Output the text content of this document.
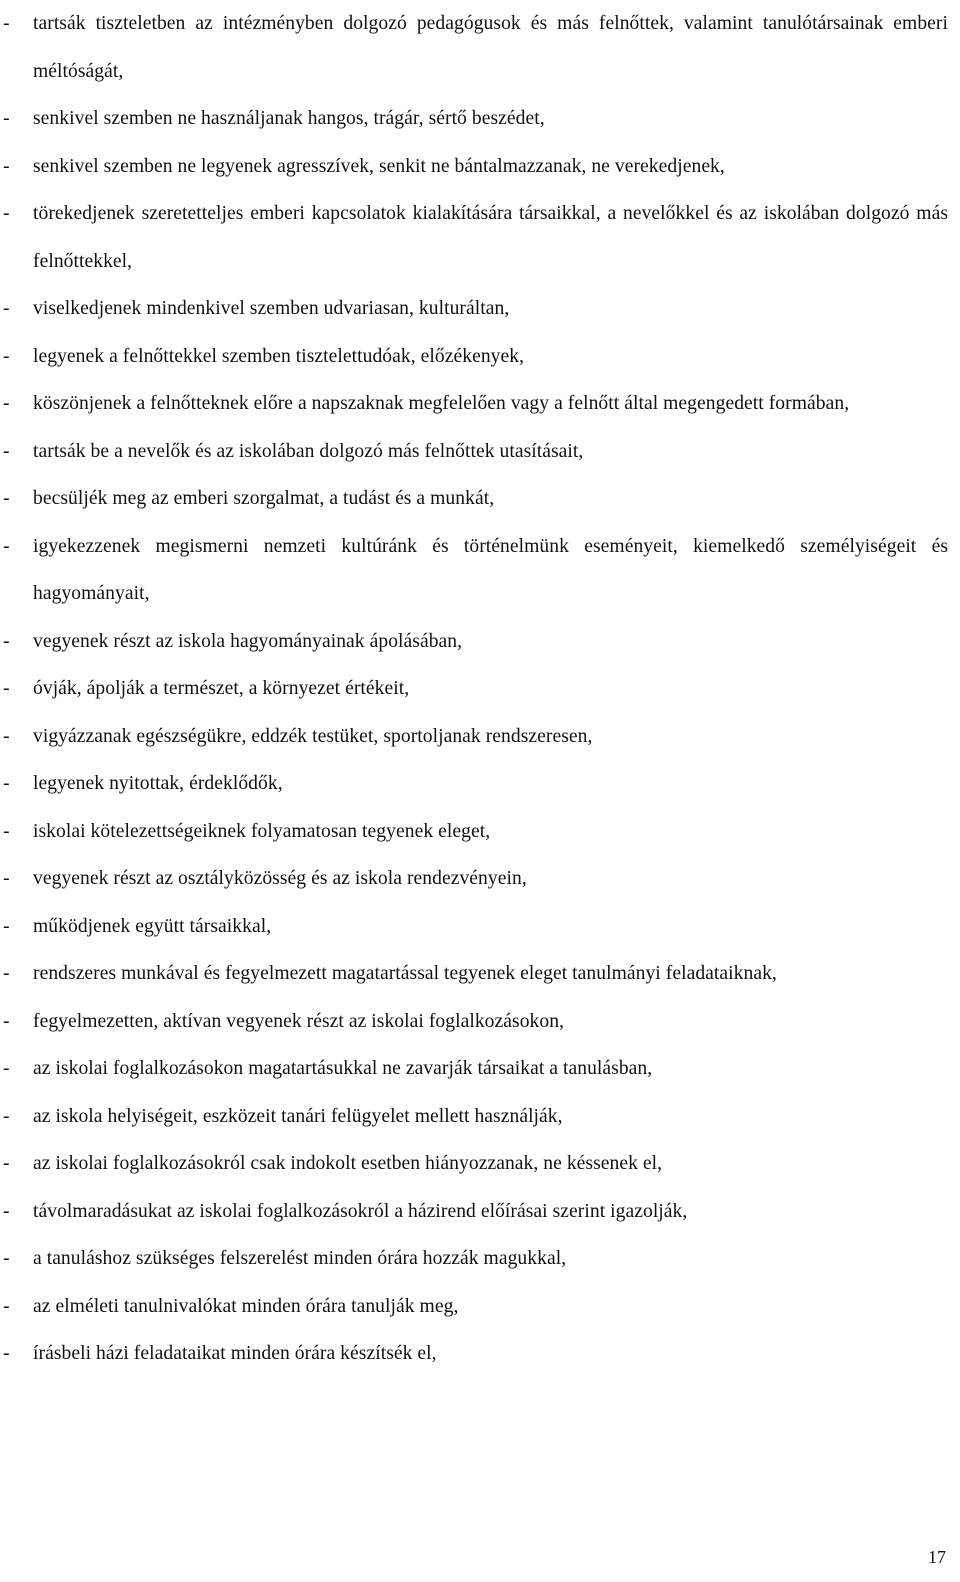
- tartsák tiszteletben az intézményben dolgozó pedagógusok és más felnőttek, valamint tanulótársainak emberi méltóságát,
- senkivel szemben ne használjanak hangos, trágár, sértő beszédet,
- senkivel szemben ne legyenek agresszívek, senkit ne bántalmazzanak, ne verekedjenek,
- törekedjenek szeretetteljes emberi kapcsolatok kialakítására társaikkal, a nevelőkkel és az iskolában dolgozó más felnőttekkel,
- viselkedjenek mindenkivel szemben udvariasan, kulturáltan,
- legyenek a felnőttekkel szemben tisztelettudóak, előzékenyek,
- köszönjenek a felnőtteknek előre a napszaknak megfelelően vagy a felnőtt által megengedett formában,
- tartsák be a nevelők és az iskolában dolgozó más felnőttek utasításait,
- becsüljék meg az emberi szorgalmat, a tudást és a munkát,
- igyekezzenek megismerni nemzeti kultúránk és történelmünk eseményeit, kiemelkedő személyiségeit és hagyományait,
- vegyenek részt az iskola hagyományainak ápolásában,
- óvják, ápolják a természet, a környezet értékeit,
- vigyázzanak egészségükre, eddzék testüket, sportoljanak rendszeresen,
- legyenek nyitottak, érdeklődők,
- iskolai kötelezettségeiknek folyamatosan tegyenek eleget,
- vegyenek részt az osztályközösség és az iskola rendezvényein,
- működjenek együtt társaikkal,
- rendszeres munkával és fegyelmezett magatartással tegyenek eleget tanulmányi feladataiknak,
- fegyelmezetten, aktívan vegyenek részt az iskolai foglalkozásokon,
- az iskolai foglalkozásokon magatartásukkal ne zavarják társaikat a tanulásban,
- az iskola helyiségeit, eszközeit tanári felügyelet mellett használják,
- az iskolai foglalkozásokról csak indokolt esetben hiányozzanak, ne késsenek el,
- távolmaradásukat az iskolai foglalkozásokról a házirend előírásai szerint igazolják,
- a tanuláshoz szükséges felszerelést minden órára hozzák magukkal,
- az elméleti tanulnivalókat minden órára tanulják meg,
- írásbeli házi feladataikat minden órára készítsék el,
17
